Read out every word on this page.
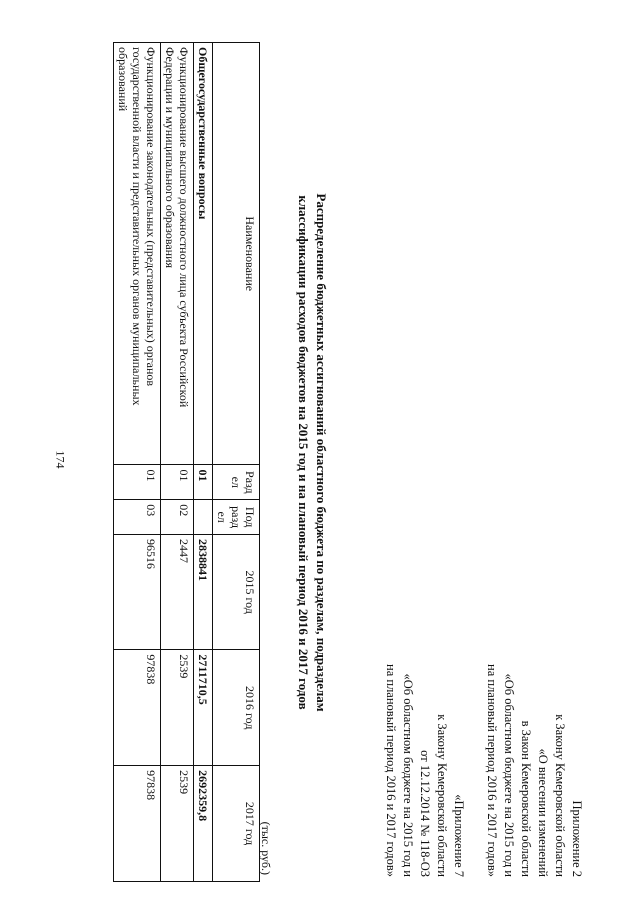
174
Приложение 2
к Закону Кемеровской области
«О внесении изменений
в Закон Кемеровской области
«Об областном бюджете на 2015 год и
на плановый период 2016 и 2017 годов»
«Приложение 7
к Закону Кемеровской области
от 12.12.2014 № 118-ОЗ
«Об областном бюджете на 2015 год и
на плановый период 2016 и 2017 годов»
Распределение бюджетных ассигнований областного бюджета по разделам, подразделам
классификации расходов бюджетов на 2015 год и на плановый период 2016 и 2017 годов
(тыс. руб.)
Наименование	Разд ел	Под разд ел	2015 год	2016 год	2017 год
Общегосударственные вопросы	01		2838841	2711710,5	2692359,8
Функционирование высшего должностного лица субъекта Российской Федерации и муниципального образования	01	02	2447	2539	2539
Функционирование законодательных (представительных) органов государственной власти и представительных органов муниципальных образований	01	03	96516	97838	97838
